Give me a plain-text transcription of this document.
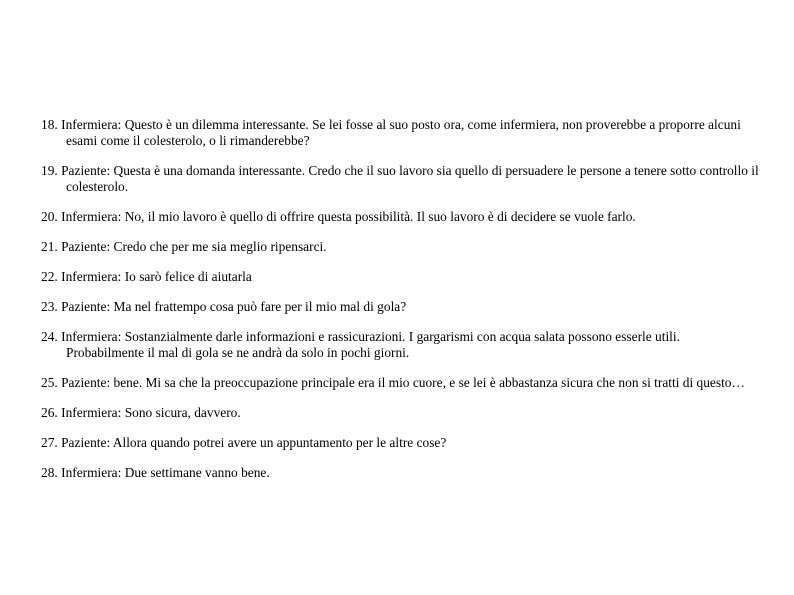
18. Infermiera: Questo è un dilemma interessante. Se lei fosse al suo posto ora, come infermiera, non proverebbe a proporre alcuni esami come il colesterolo, o li rimanderebbe?
19. Paziente: Questa è una domanda interessante. Credo che il suo lavoro sia quello di persuadere le persone a tenere sotto controllo il colesterolo.
20. Infermiera: No, il mio lavoro è quello di offrire questa possibilità. Il suo lavoro è di decidere se vuole farlo.
21. Paziente: Credo che per me sia meglio ripensarci.
22. Infermiera: Io sarò felice di aiutarla
23. Paziente: Ma nel frattempo cosa può fare per il mio mal di gola?
24. Infermiera: Sostanzialmente darle informazioni e rassicurazioni. I gargarismi con acqua salata possono esserle utili. Probabilmente il mal di gola se ne andrà da solo in pochi giorni.
25. Paziente: bene. Mi sa che la preoccupazione principale era il mio cuore, e se lei è abbastanza sicura che non si tratti di questo…
26. Infermiera: Sono sicura, davvero.
27. Paziente: Allora quando potrei avere un appuntamento per le altre cose?
28. Infermiera: Due settimane vanno bene.
